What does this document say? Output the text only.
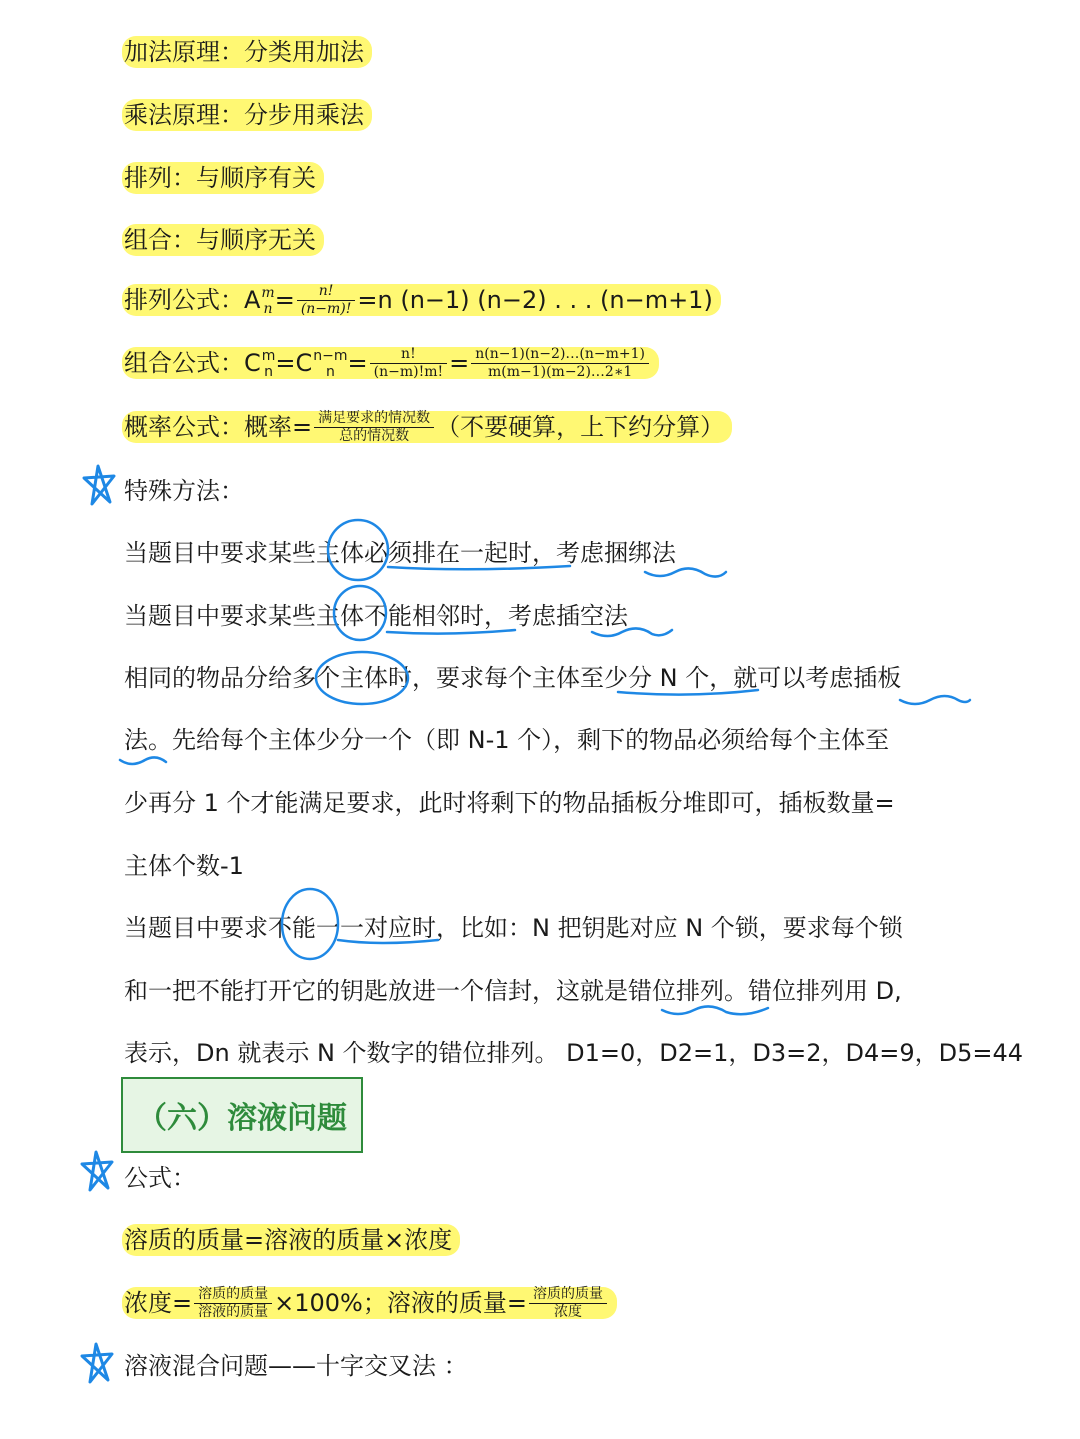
加法原理：分类用加法
乘法原理：分步用乘法
排列：与顺序有关
组合：与顺序无关
排列公式：A m
$n = \frac{n!}{(n-m)!} =n$ (n−1) (n−2) . . . (n−m+1)
组合公式：C m
n =C n−m
$n = \frac{n!}{(n-m)!m!} = \frac{n(n-1)(n-2)\dots(n-m+1)}{m(m-1)(m-2)\dots 2∗1}$
概率公式：概率= $\frac{\text{满足要求的情况数}}{\text{总的情况数}}$ （不要硬算，上下约分算）
特殊方法：
当题目中要求某些主体必须排在一起时，考虑捆绑法
当题目中要求某些主体不能相邻时，考虑插空法
相同的物品分给多个主体时，要求每个主体至少分 N 个，就可以考虑插板
法。先给每个主体少分一个（即 N-1 个），剩下的物品必须给每个主体至
少再分 1 个才能满足要求，此时将剩下的物品插板分堆即可，插板数量=
主体个数-1
当题目中要求不能一一对应时，比如：N 把钥匙对应 N 个锁，要求每个锁
和一把不能打开它的钥匙放进一个信封，这就是错位排列。错位排列用 D,
表示，Dn 就表示 N 个数字的错位排列。 D1=0，D2=1，D3=2，D4=9，D5=44
（六）溶液问题
公式：
溶质的质量=溶液的质量×浓度
浓度= $\frac{\text{溶质的质量}}{\text{溶液的质量}} \times 100\%$；溶液的质量= $\frac{\text{溶质的质量}}{\text{浓度}}$
溶液混合问题——十字交叉法 ：
